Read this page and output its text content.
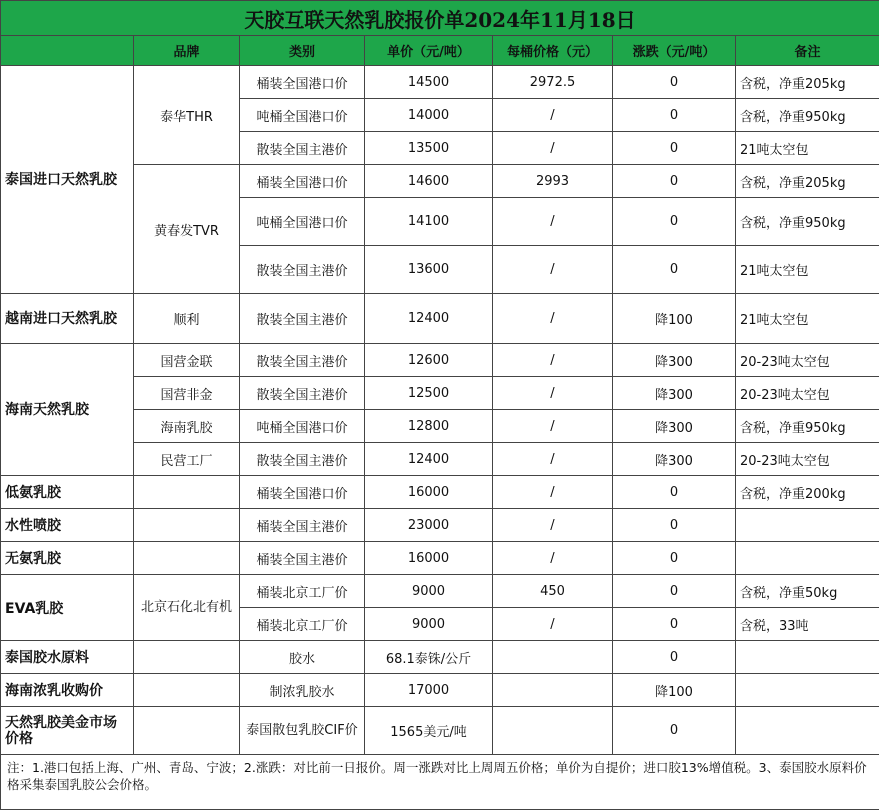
天胶互联天然乳胶报价单2024年11月18日						
	品牌	类别	单价（元/吨）	每桶价格（元）	涨跌（元/吨）	备注
泰国进口天然乳胶	泰华THR	桶装全国港口价	14500	2972.5	0	含税，净重205kg
		吨桶全国港口价	14000	/	0	含税，净重950kg
		散装全国主港价	13500	/	0	21吨太空包
	黄春发TVR	桶装全国港口价	14600	2993	0	含税，净重205kg
		吨桶全国港口价	14100	/	0	含税，净重950kg
		散装全国主港价	13600	/	0	21吨太空包
越南进口天然乳胶	顺利	散装全国主港价	12400	/	降100	21吨太空包
海南天然乳胶	国营金联	散装全国主港价	12600	/	降300	20-23吨太空包
	国营非金	散装全国主港价	12500	/	降300	20-23吨太空包
	海南乳胶	吨桶全国港口价	12800	/	降300	含税，净重950kg
	民营工厂	散装全国主港价	12400	/	降300	20-23吨太空包
低氨乳胶		桶装全国港口价	16000	/	0	含税，净重200kg
水性喷胶		桶装全国主港价	23000	/	0	
无氨乳胶		桶装全国主港价	16000	/	0	
EVA乳胶	北京石化北有机	桶装北京工厂价	9000	450	0	含税，净重50kg
		桶装北京工厂价	9000	/	0	含税，33吨
泰国胶水原料		胶水	68.1泰铢/公斤		0	
海南浓乳收购价		制浓乳胶水	17000		降100	
天然乳胶美金市场价格		泰国散包乳胶CIF价	1565美元/吨		0	
注：1.港口包括上海、广州、青岛、宁波；2.涨跌：对比前一日报价。周一涨跌对比上周周五价格；单价为自提价；进口胶13%增值税。3、泰国胶水原料价格采集泰国乳胶公会价格。						
